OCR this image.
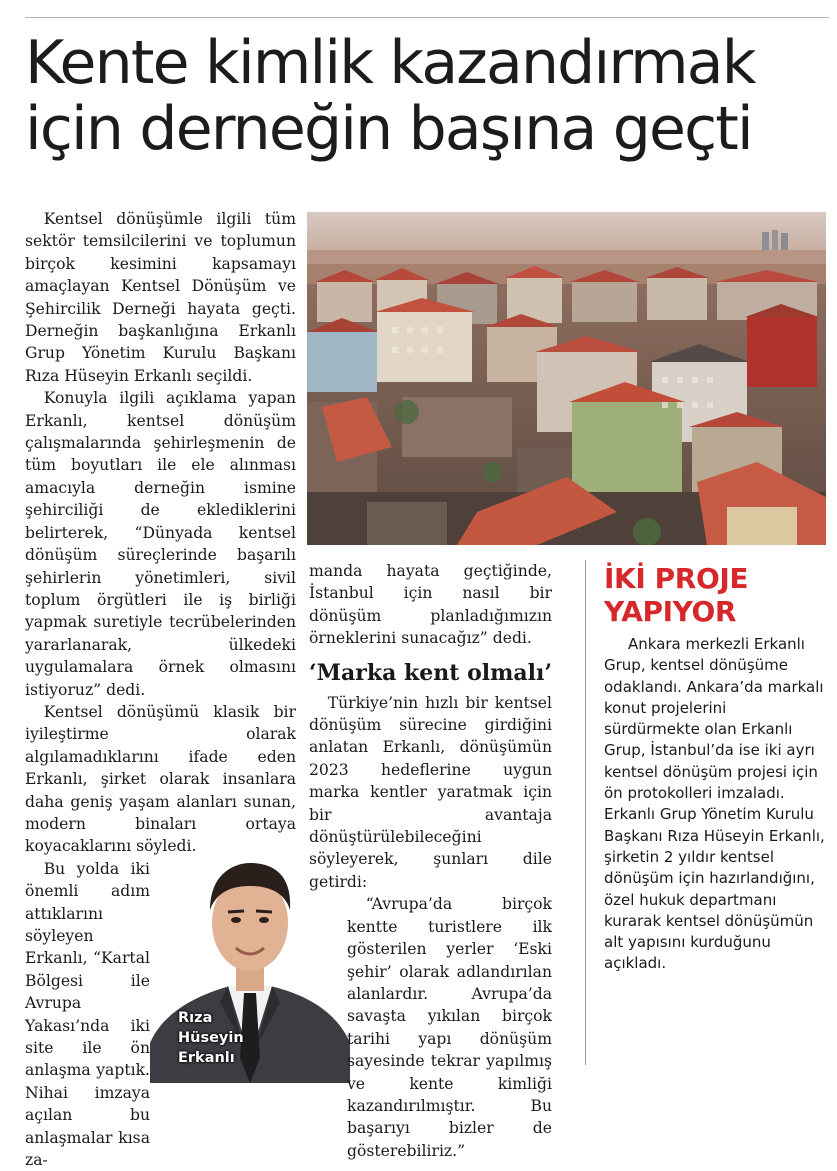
Kente kimlik kazandırmak
için derneğin başına geçti

Kentsel dönüşümle ilgili tüm sektör temsilcilerini ve toplumun birçok kesimini kapsamayı amaçlayan Kentsel Dönüşüm ve Şehircilik Derneği hayata geçti. Derneğin başkanlığına Erkanlı Grup Yönetim Kurulu Başkanı Rıza Hüseyin Erkanlı seçildi.

Konuyla ilgili açıklama yapan Erkanlı, kentsel dönüşüm çalışmalarında şehirleşmenin de tüm boyutları ile ele alınması amacıyla derneğin ismine şehirciliği de eklediklerini belirterek, “Dünyada kentsel dönüşüm süreçlerinde başarılı şehirlerin yönetimleri, sivil toplum örgütleri ile iş birliği yapmak suretiyle tecrübelerinden yararlanarak, ülkedeki uygulamalara örnek olmasını istiyoruz” dedi.

Kentsel dönüşümü klasik bir iyileştirme olarak algılamadıklarını ifade eden Erkanlı, şirket olarak insanlara daha geniş yaşam alanları sunan, modern binaları ortaya koyacaklarını söyledi.

Bu yolda iki önemli adım attıklarını söyleyen Erkanlı, “Kartal Bölgesi ile Avrupa Yakası’nda iki site ile ön anlaşma yaptık. Nihai imzaya açılan bu anlaşmalar kısa za-

Rıza
Hüseyin
Erkanlı

manda hayata geçtiğinde, İstanbul için nasıl bir dönüşüm planladığımızın örneklerini sunacağız” dedi.

‘Marka kent olmalı’

Türkiye’nin hızlı bir kentsel dönüşüm sürecine girdiğini anlatan Erkanlı, dönüşümün 2023 hedeflerine uygun marka kentler yaratmak için bir avantaja dönüştürülebileceğini söyleyerek, şunları dile getirdi:

“Avrupa’da birçok kentte turistlere ilk gösterilen yerler ‘Eski şehir’ olarak adlandırılan alanlardır. Avrupa’da savaşta yıkılan birçok tarihi yapı dönüşüm sayesinde tekrar yapılmış ve kente kimliği kazandırılmıştır. Bu başarıyı bizler de gösterebiliriz.”

İKİ PROJE
YAPIYOR

Ankara merkezli Erkanlı Grup, kentsel dönüşüme odaklandı. Ankara’da markalı konut projelerini sürdürmekte olan Erkanlı Grup, İstanbul’da ise iki ayrı kentsel dönüşüm projesi için ön protokolleri imzaladı. Erkanlı Grup Yönetim Kurulu Başkanı Rıza Hüseyin Erkanlı, şirketin 2 yıldır kentsel dönüşüm için hazırlandığını, özel hukuk departmanı kurarak kentsel dönüşümün alt yapısını kurduğunu açıkladı.
